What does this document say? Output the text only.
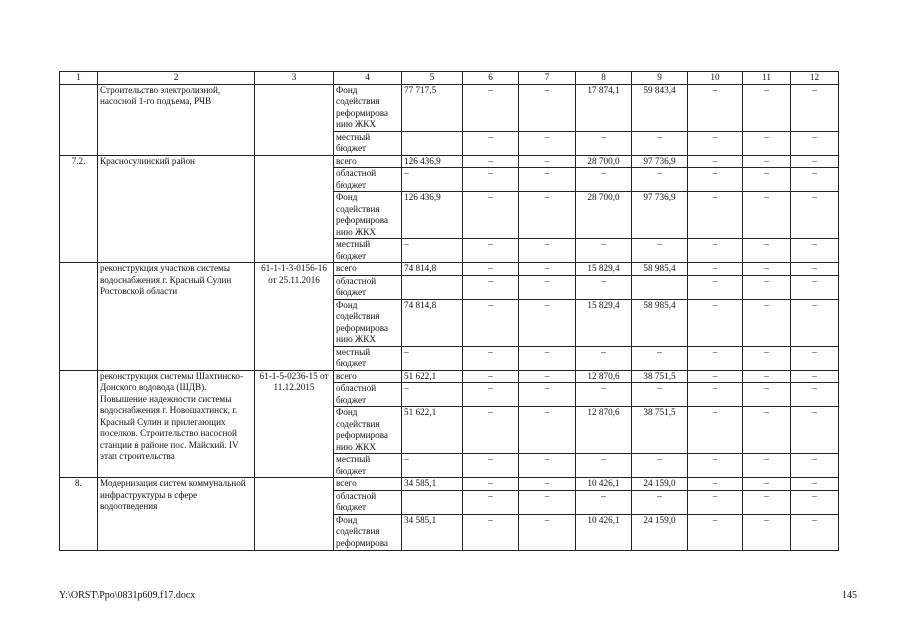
1	2	3	4	5	6	7	8	9	10	11	12
	Строительство электролизной, насосной 1-го подъема, РЧВ		Фонд содействия реформирова нию ЖКХ	77 717,5	–	–	17 874,1	59 843,4	–	–	–
			местный бюджет		–	–	–	–	–	–	–
7.2.	Красносулинский район		всего	126 436,9	–	–	28 700,0	97 736,9	–	–	–
			областной бюджет	–	–	–	–	–	–	–	–
			Фонд содействия реформирова нию ЖКХ	126 436,9	–	–	28 700,0	97 736,9	–	–	–
			местный бюджет	–	–	–	–	–	–	–	–
	реконструкция участков системы водоснабжения г. Красный Сулин Ростовской области	61-1-1-3-0156-16 от 25.11.2016	всего	74 814,8	–	–	15 829,4	58 985,4	–	–	–
			областной бюджет		–	–	–		–	–	–
			Фонд содействия реформирова нию ЖКХ	74 814,8	–	–	15 829,4	58 985,4	–	–	–
			местный бюджет	–	–	–	–	–	–	–	–
	реконструкция системы Шахтинско-Донского водовода (ШДВ). Повышение надежности системы водоснабжения г. Новошахтинск, г. Красный Сулин и прилегающих поселков. Строительство насосной станции в районе пос. Майский. IV этап строительства	61-1-5-0236-15 от 11.12.2015	всего	51 622,1	–	–	12 870,6	38 751,5	–	–	–
			областной бюджет	–	–	–	–	–	–	–	–
			Фонд содействия реформирова нию ЖКХ	51 622,1	–	–	12 870,6	38 751,5	–	–	–
			местный бюджет	–	–	–	–	–	–	–	–
8.	Модернизация систем коммунальной инфраструктуры в сфере водоотведения		всего	34 585,1	–	–	10 426,1	24 159,0	–	–	–
			областной бюджет		–	–	–	–	–	–	–
			Фонд содействия реформирова	34 585,1	–	–	10 426,1	24 159,0	–	–	–
Y:\ORST\Ppo\0831p609.f17.docx	145
